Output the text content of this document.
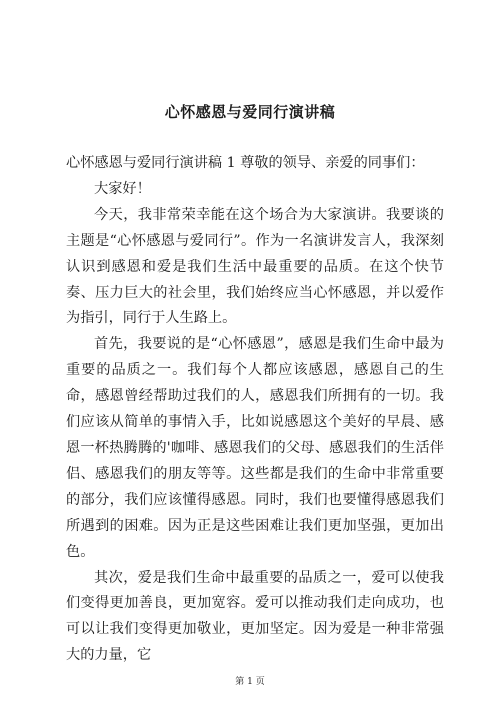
心怀感恩与爱同行演讲稿

心怀感恩与爱同行演讲稿 1 尊敬的领导、亲爱的同事们：

大家好！

今天，我非常荣幸能在这个场合为大家演讲。我要谈的主题是“心怀感恩与爱同行”。作为一名演讲发言人，我深刻认识到感恩和爱是我们生活中最重要的品质。在这个快节奏、压力巨大的社会里，我们始终应当心怀感恩，并以爱作为指引，同行于人生路上。

首先，我要说的是“心怀感恩”，感恩是我们生命中最为重要的品质之一。我们每个人都应该感恩，感恩自己的生命，感恩曾经帮助过我们的人，感恩我们所拥有的一切。我们应该从简单的事情入手，比如说感恩这个美好的早晨、感恩一杯热腾腾的'咖啡、感恩我们的父母、感恩我们的生活伴侣、感恩我们的朋友等等。这些都是我们的生命中非常重要的部分，我们应该懂得感恩。同时，我们也要懂得感恩我们所遇到的困难。因为正是这些困难让我们更加坚强，更加出色。

其次，爱是我们生命中最重要的品质之一，爱可以使我们变得更加善良，更加宽容。爱可以推动我们走向成功，也可以让我们变得更加敬业，更加坚定。因为爱是一种非常强大的力量，它

第 1 页
